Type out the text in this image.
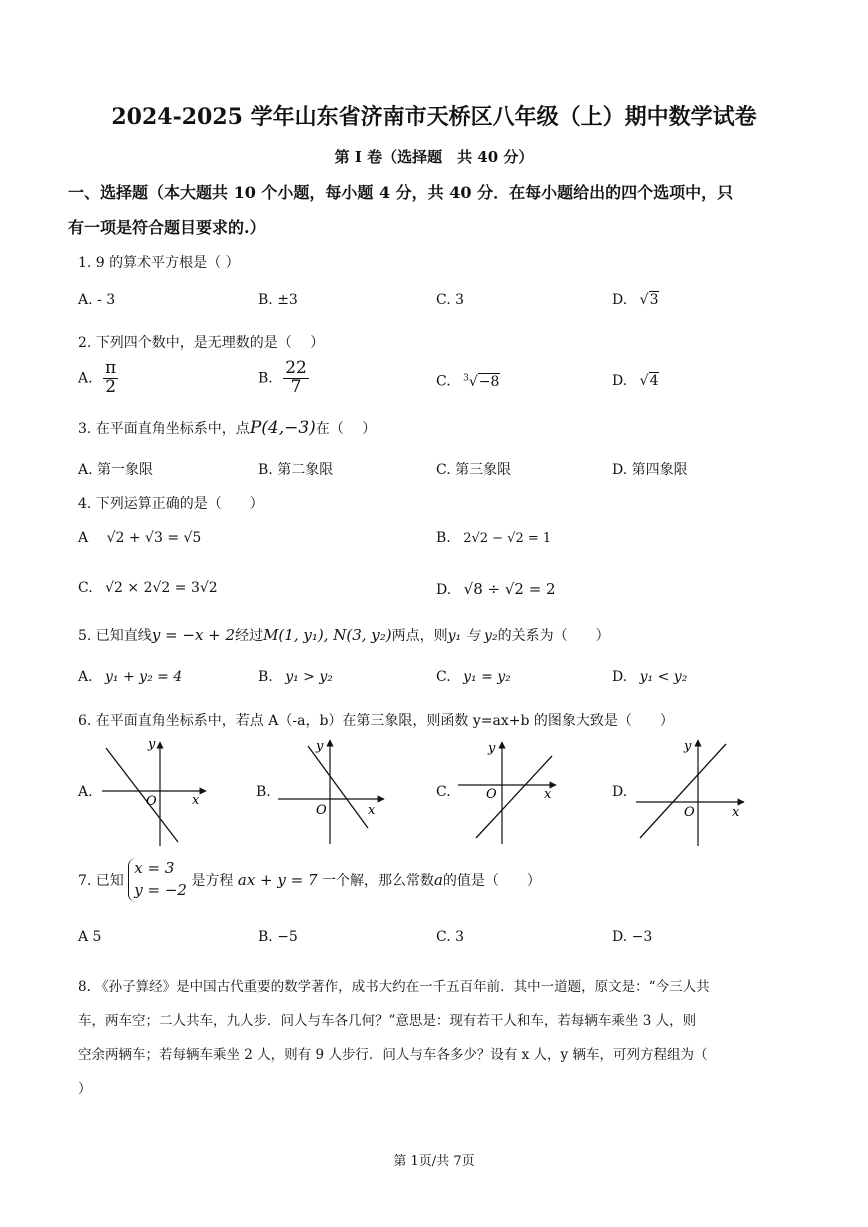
2024-2025 学年山东省济南市天桥区八年级（上）期中数学试卷
第 I 卷（选择题　共 40 分）
一、选择题（本大题共 10 个小题，每小题 4 分，共 40 分．在每小题给出的四个选项中，只
有一项是符合题目要求的.）
1. 9 的算术平方根是（ ）
A. - 3	B. ±3	C. 3	D. √3
2. 下列四个数中，是无理数的是（　 ）
A. $\frac{\pi}{2}$	B. $\frac{22}{7}$	C. $^3$√−8	D. √4
3. 在平面直角坐标系中，点P(4,−3)在（　 ）
A. 第一象限	B. 第二象限	C. 第三象限	D. 第四象限
4. 下列运算正确的是（　　）
A √2 + √3 = √5	B. 2√2 − √2 = 1
C. √2 × 2√2 = 3√2	D. √8 ÷ √2 = 2
5. 已知直线y = −x + 2经过M(1, y₁), N(3, y₂)两点，则y₁ 与 y₂的关系为（　　）
A. y₁ + y₂ = 4	B. y₁ > y₂	C. y₁ = y₂	D. y₁ < y₂
6. 在平面直角坐标系中，若点 A（-a，b）在第三象限，则函数 y=ax+b 的图象大致是（　　）
A.
y
x
O
B.
y
x
O
C.
y
x
O	D.
y
x
O
7. 已知
x = 3
y = −2 是方程 ax + y = 7 一个解，那么常数a的值是（　　）
A 5	B. −5	C. 3	D. −3
8. 《孙子算经》是中国古代重要的数学著作，成书大约在一千五百年前．其中一道题，原文是：“今三人共
车，两车空；二人共车，九人步．问人与车各几何？”意思是：现有若干人和车，若每辆车乘坐 3 人，则
空余两辆车；若每辆车乘坐 2 人，则有 9 人步行．问人与车各多少？设有 x 人，y 辆车，可列方程组为（
）
第 1页/共 7页
